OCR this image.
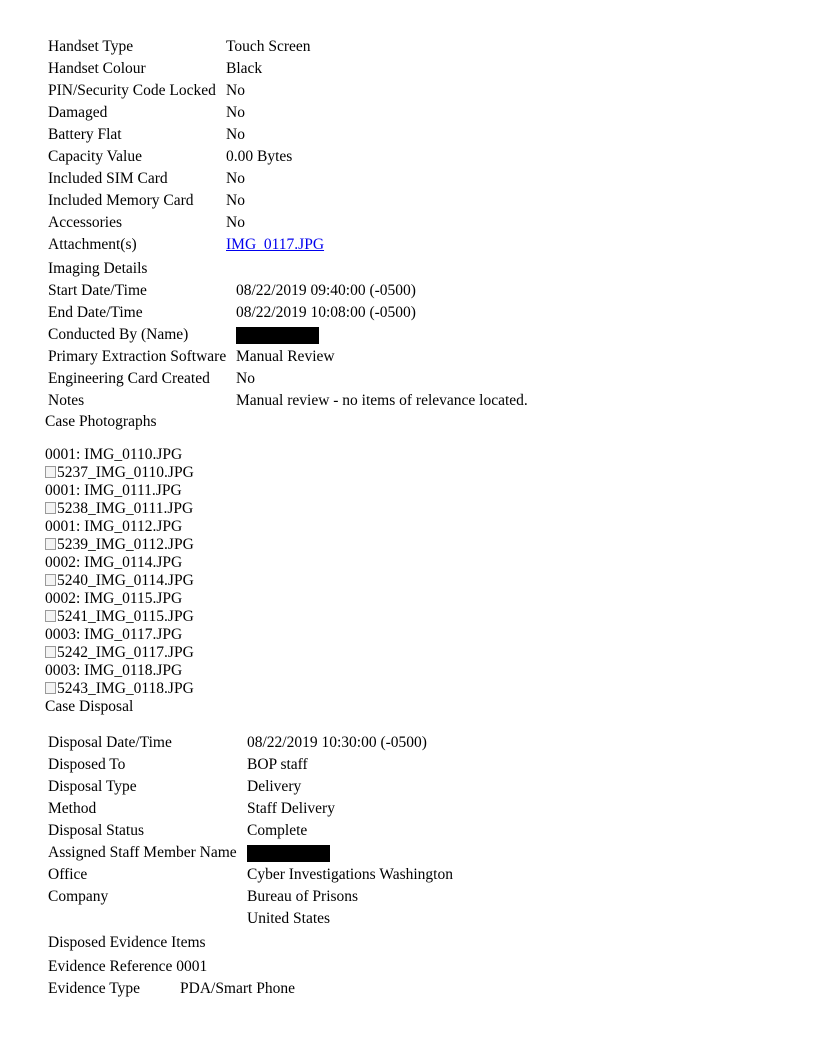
Handset Type	Touch Screen
Handset Colour	Black
PIN/Security Code Locked No
Damaged	No
Battery Flat	No
Capacity Value	0.00 Bytes
Included SIM Card	No
Included Memory Card No
Accessories	No
Attachment(s)	IMG_0117.JPG
Imaging Details
Start Date/Time	08/22/2019 09:40:00 (-0500)
End Date/Time	08/22/2019 10:08:00 (-0500)
Conducted By (Name)
Primary Extraction Software Manual Review
Engineering Card Created No
Notes	Manual review - no items of relevance located.
Case Photographs
0001: IMG_0110.JPG
5237_IMG_0110.JPG
0001: IMG_0111.JPG
5238_IMG_0111.JPG
0001: IMG_0112.JPG
5239_IMG_0112.JPG
0002: IMG_0114.JPG
5240_IMG_0114.JPG
0002: IMG_0115.JPG
5241_IMG_0115.JPG
0003: IMG_0117.JPG
5242_IMG_0117.JPG
0003: IMG_0118.JPG
5243_IMG_0118.JPG
Case Disposal
Disposal Date/Time	08/22/2019 10:30:00 (-0500)
Disposed To	BOP staff
Disposal Type	Delivery
Method	Staff Delivery
Disposal Status	Complete
Assigned Staff Member Name
Office	Cyber Investigations Washington
Company	Bureau of Prisons
United States
Disposed Evidence Items
Evidence Reference 0001
Evidence Type	PDA/Smart Phone
